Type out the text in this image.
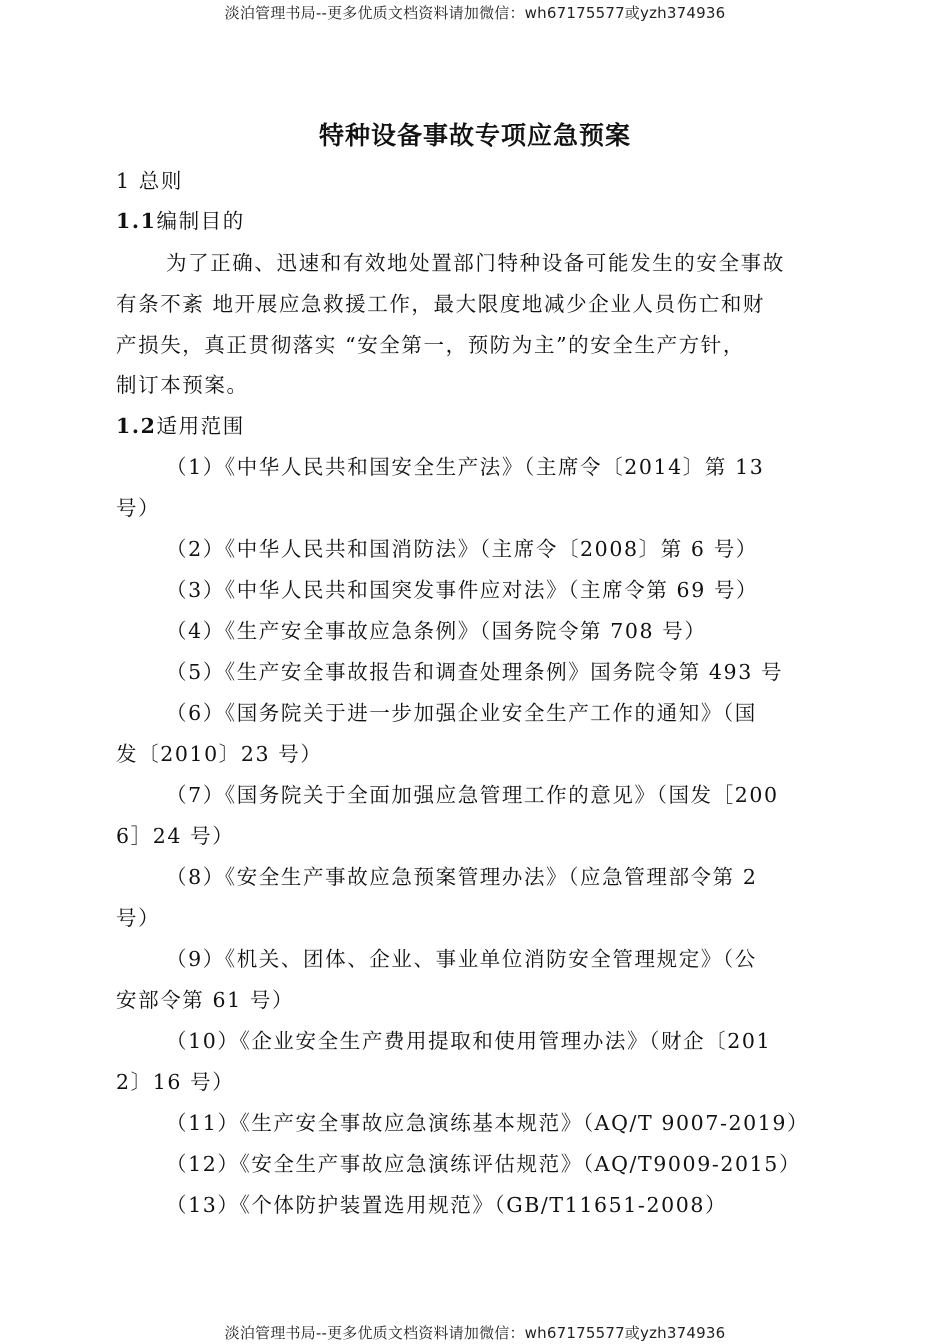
淡泊管理书局--更多优质文档资料请加微信：wh67175577或yzh374936
特种设备事故专项应急预案
1 总则
1.1编制目的
为了正确、迅速和有效地处置部门特种设备可能发生的安全事故
有条不紊 地开展应急救援工作，最大限度地减少企业人员伤亡和财
产损失，真正贯彻落实 “安全第一，预防为主”的安全生产方针，
制订本预案。
1.2适用范围
（1）《中华人民共和国安全生产法》（主席令〔2014〕第 13
号）
（2）《中华人民共和国消防法》（主席令〔2008〕第 6 号）
（3）《中华人民共和国突发事件应对法》（主席令第 69 号）
（4）《生产安全事故应急条例》（国务院令第 708 号）
（5）《生产安全事故报告和调查处理条例》国务院令第 493 号
（6）《国务院关于进一步加强企业安全生产工作的通知》（国
发〔2010〕23 号）
（7）《国务院关于全面加强应急管理工作的意见》（国发［200
6］24 号）
（8）《安全生产事故应急预案管理办法》（应急管理部令第 2
号）
（9）《机关、团体、企业、事业单位消防安全管理规定》（公
安部令第 61 号）
（10）《企业安全生产费用提取和使用管理办法》（财企〔201
2〕16 号）
（11）《生产安全事故应急演练基本规范》（AQ/T 9007-2019）
（12）《安全生产事故应急演练评估规范》（AQ/T9009-2015）
（13）《个体防护装置选用规范》（GB/T11651-2008）
淡泊管理书局--更多优质文档资料请加微信：wh67175577或yzh374936
